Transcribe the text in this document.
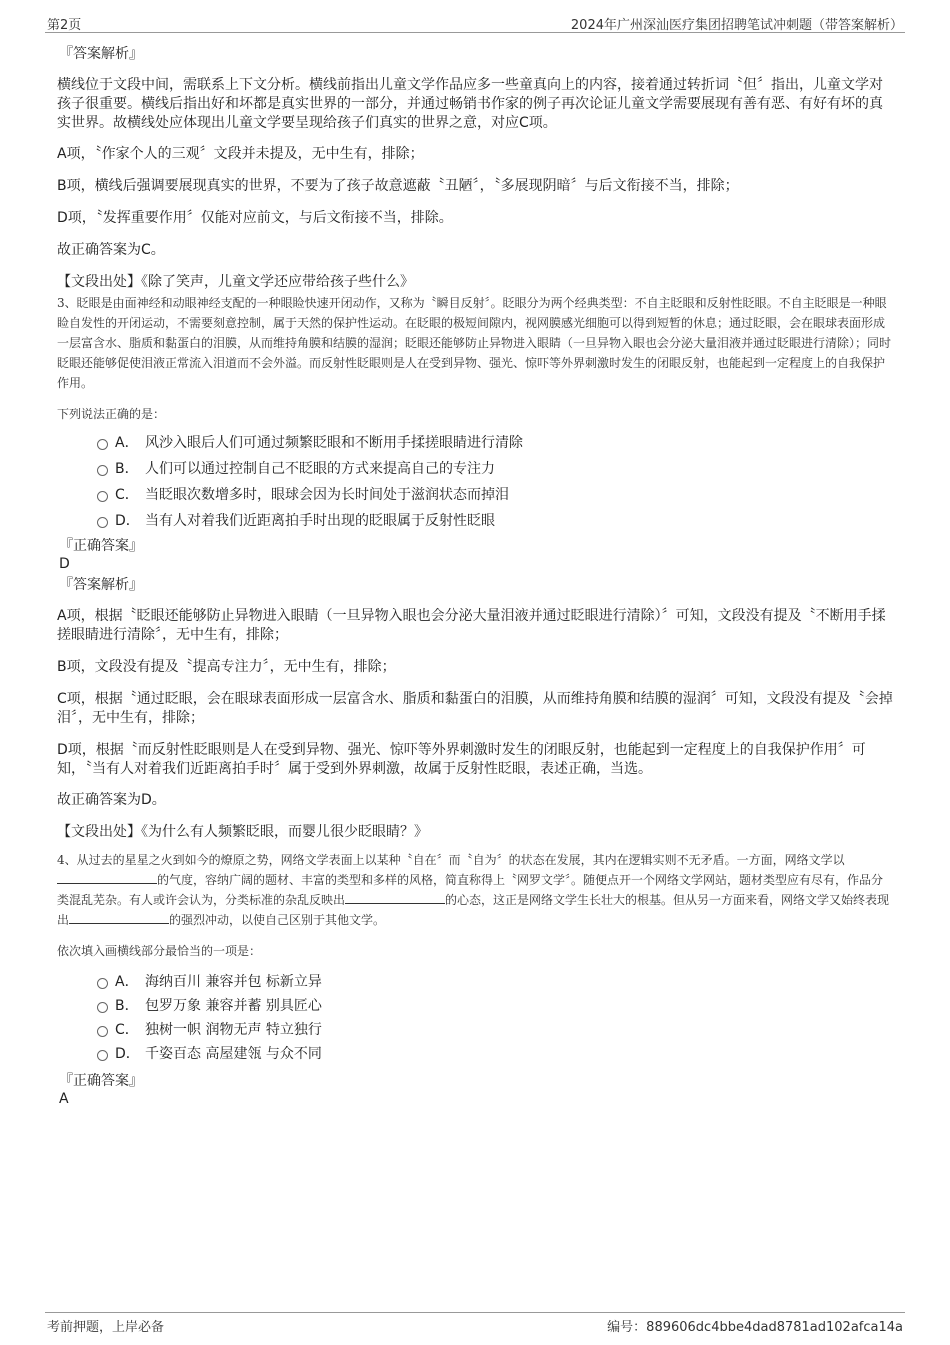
第2页	2024年广州深汕医疗集团招聘笔试冲刺题（带答案解析）
『答案解析』

横线位于文段中间，需联系上下文分析。横线前指出儿童文学作品应多一些童真向上的内容，接着通过转折词〝但〞指出，儿童文学对孩子很重要。横线后指出好和坏都是真实世界的一部分，并通过畅销书作家的例子再次论证儿童文学需要展现有善有恶、有好有坏的真实世界。故横线处应体现出儿童文学要呈现给孩子们真实的世界之意，对应C项。

A项，〝作家个人的三观〞文段并未提及，无中生有，排除；

B项，横线后强调要展现真实的世界，不要为了孩子故意遮蔽〝丑陋〞，〝多展现阴暗〞与后文衔接不当，排除；

D项，〝发挥重要作用〞仅能对应前文，与后文衔接不当，排除。

故正确答案为C。

【文段出处】《除了笑声，儿童文学还应带给孩子些什么》

3、眨眼是由面神经和动眼神经支配的一种眼睑快速开闭动作，又称为〝瞬目反射〞。眨眼分为两个经典类型：不自主眨眼和反射性眨眼。不自主眨眼是一种眼睑自发性的开闭运动，不需要刻意控制，属于天然的保护性运动。在眨眼的极短间隙内，视网膜感光细胞可以得到短暂的休息；通过眨眼，会在眼球表面形成一层富含水、脂质和黏蛋白的泪膜，从而维持角膜和结膜的湿润；眨眼还能够防止异物进入眼睛（一旦异物入眼也会分泌大量泪液并通过眨眼进行清除）；同时眨眼还能够促使泪液正常流入泪道而不会外溢。而反射性眨眼则是人在受到异物、强光、惊吓等外界刺激时发生的闭眼反射，也能起到一定程度上的自我保护作用。

下列说法正确的是：

A． 风沙入眼后人们可通过频繁眨眼和不断用手揉搓眼睛进行清除
B． 人们可以通过控制自己不眨眼的方式来提高自己的专注力
C． 当眨眼次数增多时，眼球会因为长时间处于滋润状态而掉泪
D． 当有人对着我们近距离拍手时出现的眨眼属于反射性眨眼
『正确答案』
D
『答案解析』

A项，根据〝眨眼还能够防止异物进入眼睛（一旦异物入眼也会分泌大量泪液并通过眨眼进行清除）〞可知，文段没有提及〝不断用手揉搓眼睛进行清除〞，无中生有，排除；

B项，文段没有提及〝提高专注力〞，无中生有，排除；

C项，根据〝通过眨眼，会在眼球表面形成一层富含水、脂质和黏蛋白的泪膜，从而维持角膜和结膜的湿润〞可知，文段没有提及〝会掉泪〞，无中生有，排除；

D项，根据〝而反射性眨眼则是人在受到异物、强光、惊吓等外界刺激时发生的闭眼反射，也能起到一定程度上的自我保护作用〞可知，〝当有人对着我们近距离拍手时〞属于受到外界刺激，故属于反射性眨眼，表述正确，当选。

故正确答案为D。

【文段出处】《为什么有人频繁眨眼，而婴儿很少眨眼睛？》

4、从过去的星星之火到如今的燎原之势，网络文学表面上以某种〝自在〞而〝自为〞的状态在发展，其内在逻辑实则不无矛盾。一方面，网络文学以的气度，容纳广阔的题材、丰富的类型和多样的风格，简直称得上〝网罗文学〞。随便点开一个网络文学网站，题材类型应有尽有，作品分类混乱芜杂。有人或许会认为，分类标准的杂乱反映出	的心态，这正是网络文学生长壮大的根基。但从另一方面来看，网络文学又始终表现出	的强烈冲动，以使自己区别于其他文学。

依次填入画横线部分最恰当的一项是：

A． 海纳百川 兼容并包 标新立异
B． 包罗万象 兼容并蓄 别具匠心
C． 独树一帜 润物无声 特立独行
D． 千姿百态 高屋建瓴 与众不同
『正确答案』
A
考前押题，上岸必备	编号：889606dc4bbe4dad8781ad102afca14a
